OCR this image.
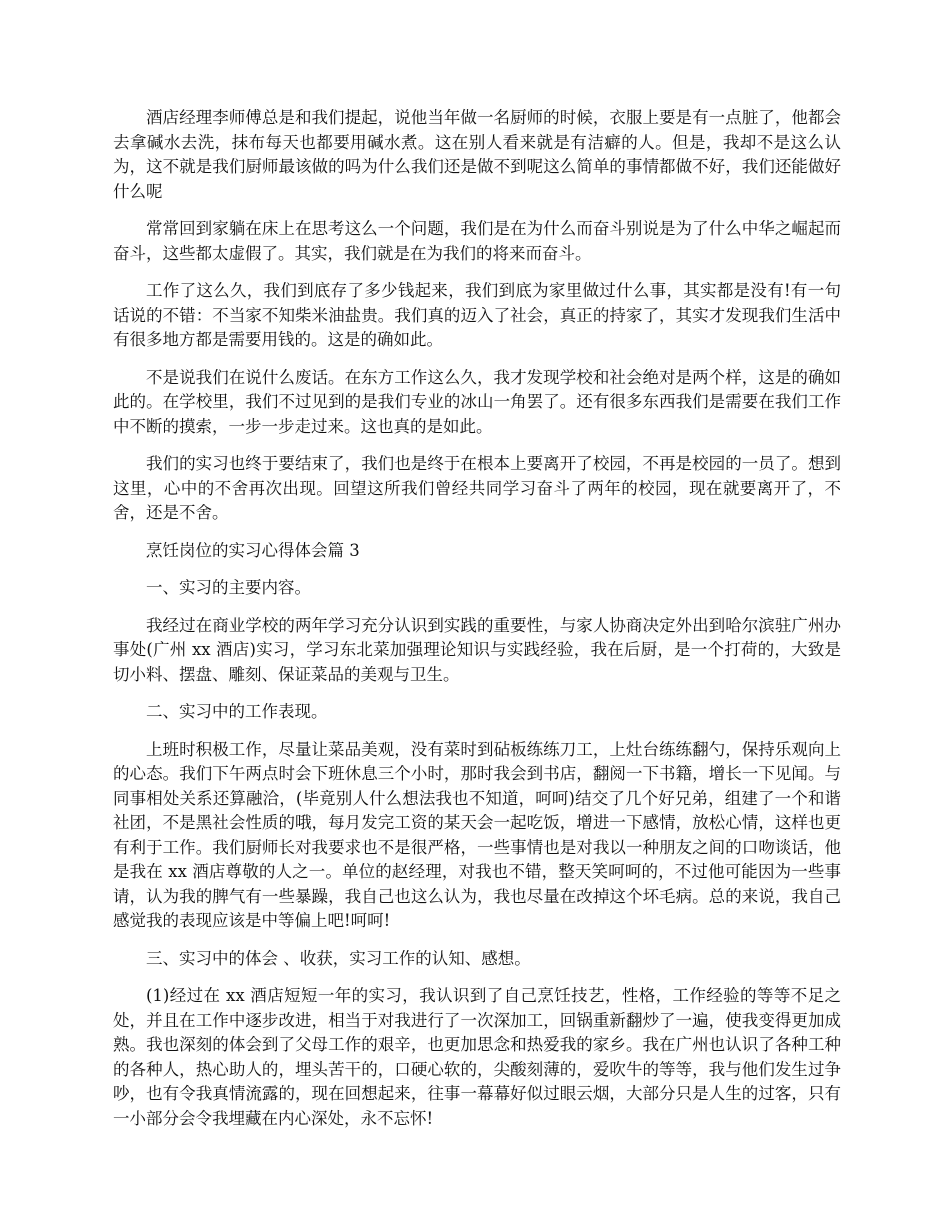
酒店经理李师傅总是和我们提起，说他当年做一名厨师的时候，衣服上要是有一点脏了，他都会去拿碱水去洗，抹布每天也都要用碱水煮。这在别人看来就是有洁癖的人。但是，我却不是这么认为，这不就是我们厨师最该做的吗为什么我们还是做不到呢这么简单的事情都做不好，我们还能做好什么呢

常常回到家躺在床上在思考这么一个问题，我们是在为什么而奋斗别说是为了什么中华之崛起而奋斗，这些都太虚假了。其实，我们就是在为我们的将来而奋斗。

工作了这么久，我们到底存了多少钱起来，我们到底为家里做过什么事，其实都是没有!有一句话说的不错：不当家不知柴米油盐贵。我们真的迈入了社会，真正的持家了，其实才发现我们生活中有很多地方都是需要用钱的。这是的确如此。

不是说我们在说什么废话。在东方工作这么久，我才发现学校和社会绝对是两个样，这是的确如此的。在学校里，我们不过见到的是我们专业的冰山一角罢了。还有很多东西我们是需要在我们工作中不断的摸索，一步一步走过来。这也真的是如此。

我们的实习也终于要结束了，我们也是终于在根本上要离开了校园，不再是校园的一员了。想到这里，心中的不舍再次出现。回望这所我们曾经共同学习奋斗了两年的校园，现在就要离开了，不舍，还是不舍。

烹饪岗位的实习心得体会篇 3

一、实习的主要内容。

我经过在商业学校的两年学习充分认识到实践的重要性，与家人协商决定外出到哈尔滨驻广州办事处(广州 xx 酒店)实习，学习东北菜加强理论知识与实践经验，我在后厨，是一个打荷的，大致是切小料、摆盘、雕刻、保证菜品的美观与卫生。

二、实习中的工作表现。

上班时积极工作，尽量让菜品美观，没有菜时到砧板练练刀工，上灶台练练翻勺，保持乐观向上的心态。我们下午两点时会下班休息三个小时，那时我会到书店，翻阅一下书籍，增长一下见闻。与同事相处关系还算融洽，(毕竟别人什么想法我也不知道，呵呵)结交了几个好兄弟，组建了一个和谐社团，不是黑社会性质的哦，每月发完工资的某天会一起吃饭，增进一下感情，放松心情，这样也更有利于工作。我们厨师长对我要求也不是很严格，一些事情也是对我以一种朋友之间的口吻谈话，他是我在 xx 酒店尊敬的人之一。单位的赵经理，对我也不错，整天笑呵呵的，不过他可能因为一些事请，认为我的脾气有一些暴躁，我自己也这么认为，我也尽量在改掉这个坏毛病。总的来说，我自己感觉我的表现应该是中等偏上吧!呵呵!

三、实习中的体会 、收获，实习工作的认知、感想。

(1)经过在 xx 酒店短短一年的实习，我认识到了自己烹饪技艺，性格，工作经验的等等不足之处，并且在工作中逐步改进，相当于对我进行了一次深加工，回锅重新翻炒了一遍，使我变得更加成熟。我也深刻的体会到了父母工作的艰辛，也更加思念和热爱我的家乡。我在广州也认识了各种工种的各种人，热心助人的，埋头苦干的，口硬心软的，尖酸刻薄的，爱吹牛的等等，我与他们发生过争吵，也有令我真情流露的，现在回想起来，往事一幕幕好似过眼云烟，大部分只是人生的过客，只有一小部分会令我埋藏在内心深处，永不忘怀!
